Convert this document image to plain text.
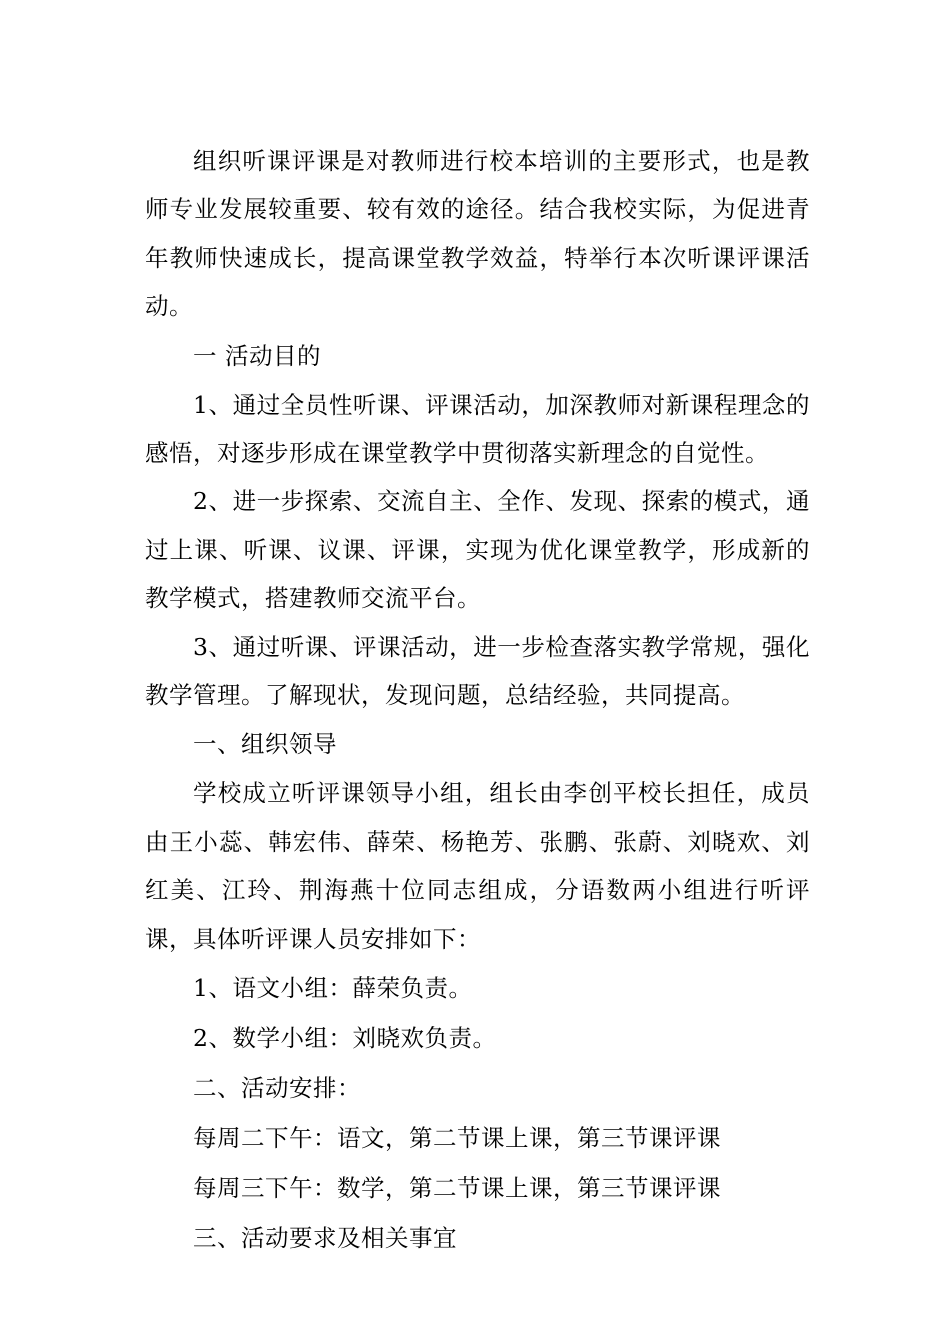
组织听课评课是对教师进行校本培训的主要形式，也是教师专业发展较重要、较有效的途径。结合我校实际，为促进青年教师快速成长，提高课堂教学效益，特举行本次听课评课活动。

一 活动目的

1、通过全员性听课、评课活动，加深教师对新课程理念的感悟，对逐步形成在课堂教学中贯彻落实新理念的自觉性。

2、进一步探索、交流自主、全作、发现、探索的模式，通过上课、听课、议课、评课，实现为优化课堂教学，形成新的教学模式，搭建教师交流平台。

3、通过听课、评课活动，进一步检查落实教学常规，强化教学管理。了解现状，发现问题，总结经验，共同提高。

一、组织领导

学校成立听评课领导小组，组长由李创平校长担任，成员由王小蕊、韩宏伟、薛荣、杨艳芳、张鹏、张蔚、刘晓欢、刘红美、江玲、荆海燕十位同志组成，分语数两小组进行听评课，具体听评课人员安排如下：

1、语文小组：薛荣负责。

2、数学小组：刘晓欢负责。

二、活动安排：

每周二下午：语文，第二节课上课，第三节课评课

每周三下午：数学，第二节课上课，第三节课评课

三、活动要求及相关事宜
